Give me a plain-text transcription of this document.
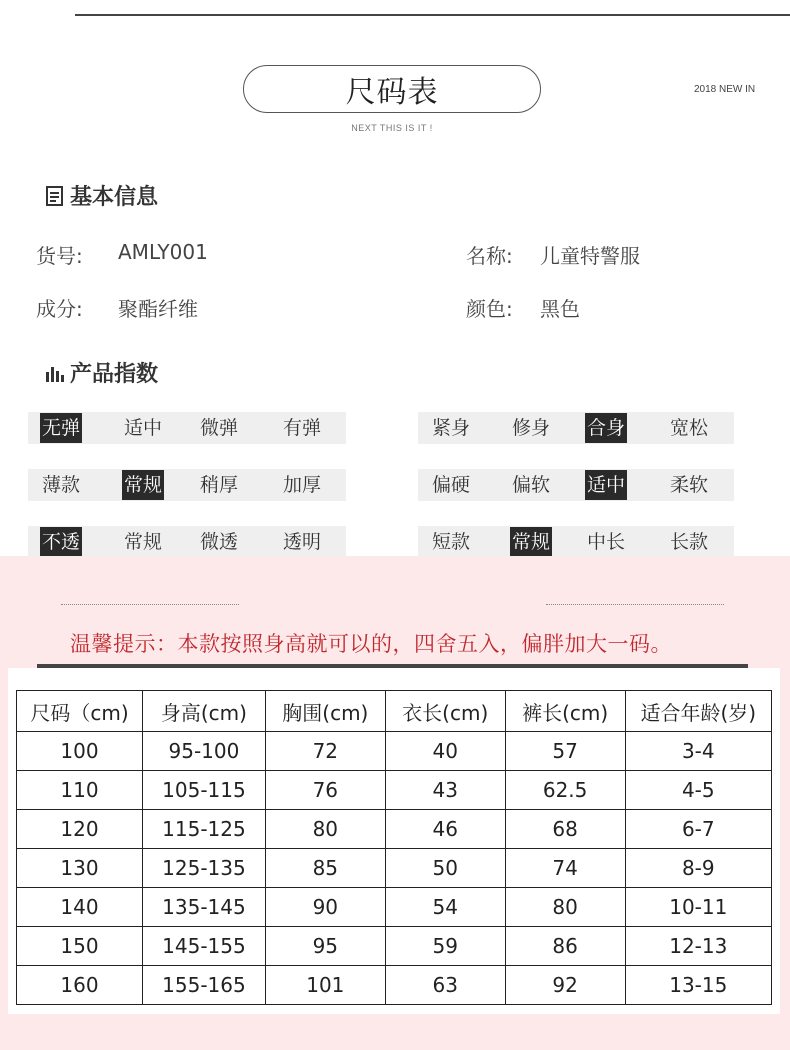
尺码表	2018 NEW IN
NEXT THIS IS IT !
基本信息
货号: AMLY001	名称: 儿童特警服
成分: 聚酯纤维	颜色: 黑色
产品指数
无弹 适中 微弹 有弹	紧身 修身 合身 宽松
薄款 常规 稍厚 加厚	偏硬 偏软 适中 柔软
不透 常规 微透 透明	短款 常规 中长 长款
温馨提示：本款按照身高就可以的，四舍五入，偏胖加大一码。
尺码（cm)	身高(cm)	胸围(cm)	衣长(cm)	裤长(cm)	适合年龄(岁)
100	95-100	72	40	57	3-4
110	105-115	76	43	62.5	4-5
120	115-125	80	46	68	6-7
130	125-135	85	50	74	8-9
140	135-145	90	54	80	10-11
150	145-155	95	59	86	12-13
160	155-165	101	63	92	13-15
